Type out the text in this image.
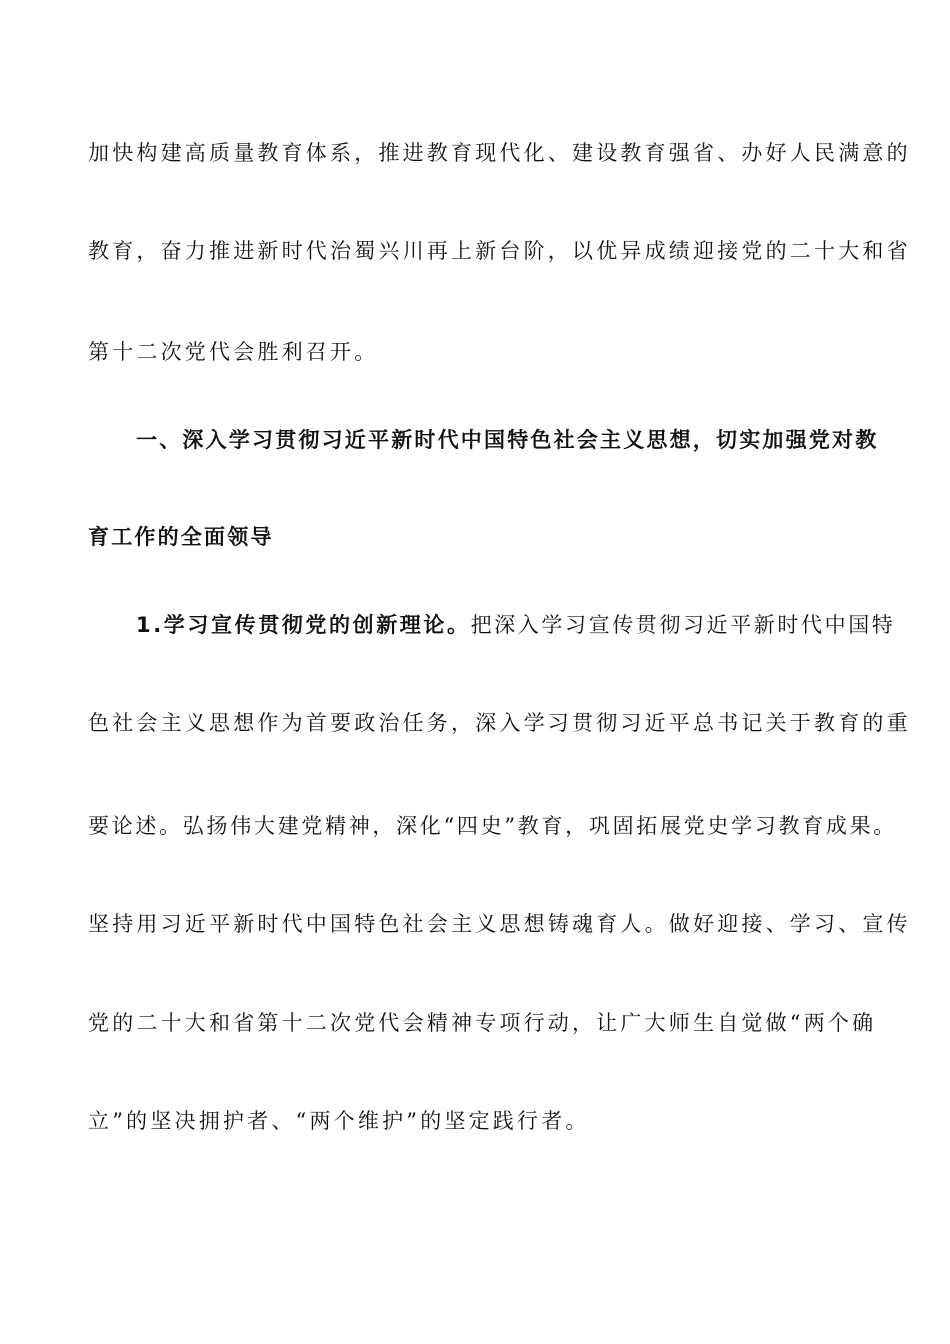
加快构建高质量教育体系，推进教育现代化、建设教育强省、办好人民满意的
教育，奋力推进新时代治蜀兴川再上新台阶，以优异成绩迎接党的二十大和省
第十二次党代会胜利召开。
一、深入学习贯彻习近平新时代中国特色社会主义思想，切实加强党对教
育工作的全面领导
1.学习宣传贯彻党的创新理论。把深入学习宣传贯彻习近平新时代中国特
色社会主义思想作为首要政治任务，深入学习贯彻习近平总书记关于教育的重
要论述。弘扬伟大建党精神，深化“四史”教育，巩固拓展党史学习教育成果。
坚持用习近平新时代中国特色社会主义思想铸魂育人。做好迎接、学习、宣传
党的二十大和省第十二次党代会精神专项行动，让广大师生自觉做“两个确
立”的坚决拥护者、“两个维护”的坚定践行者。
